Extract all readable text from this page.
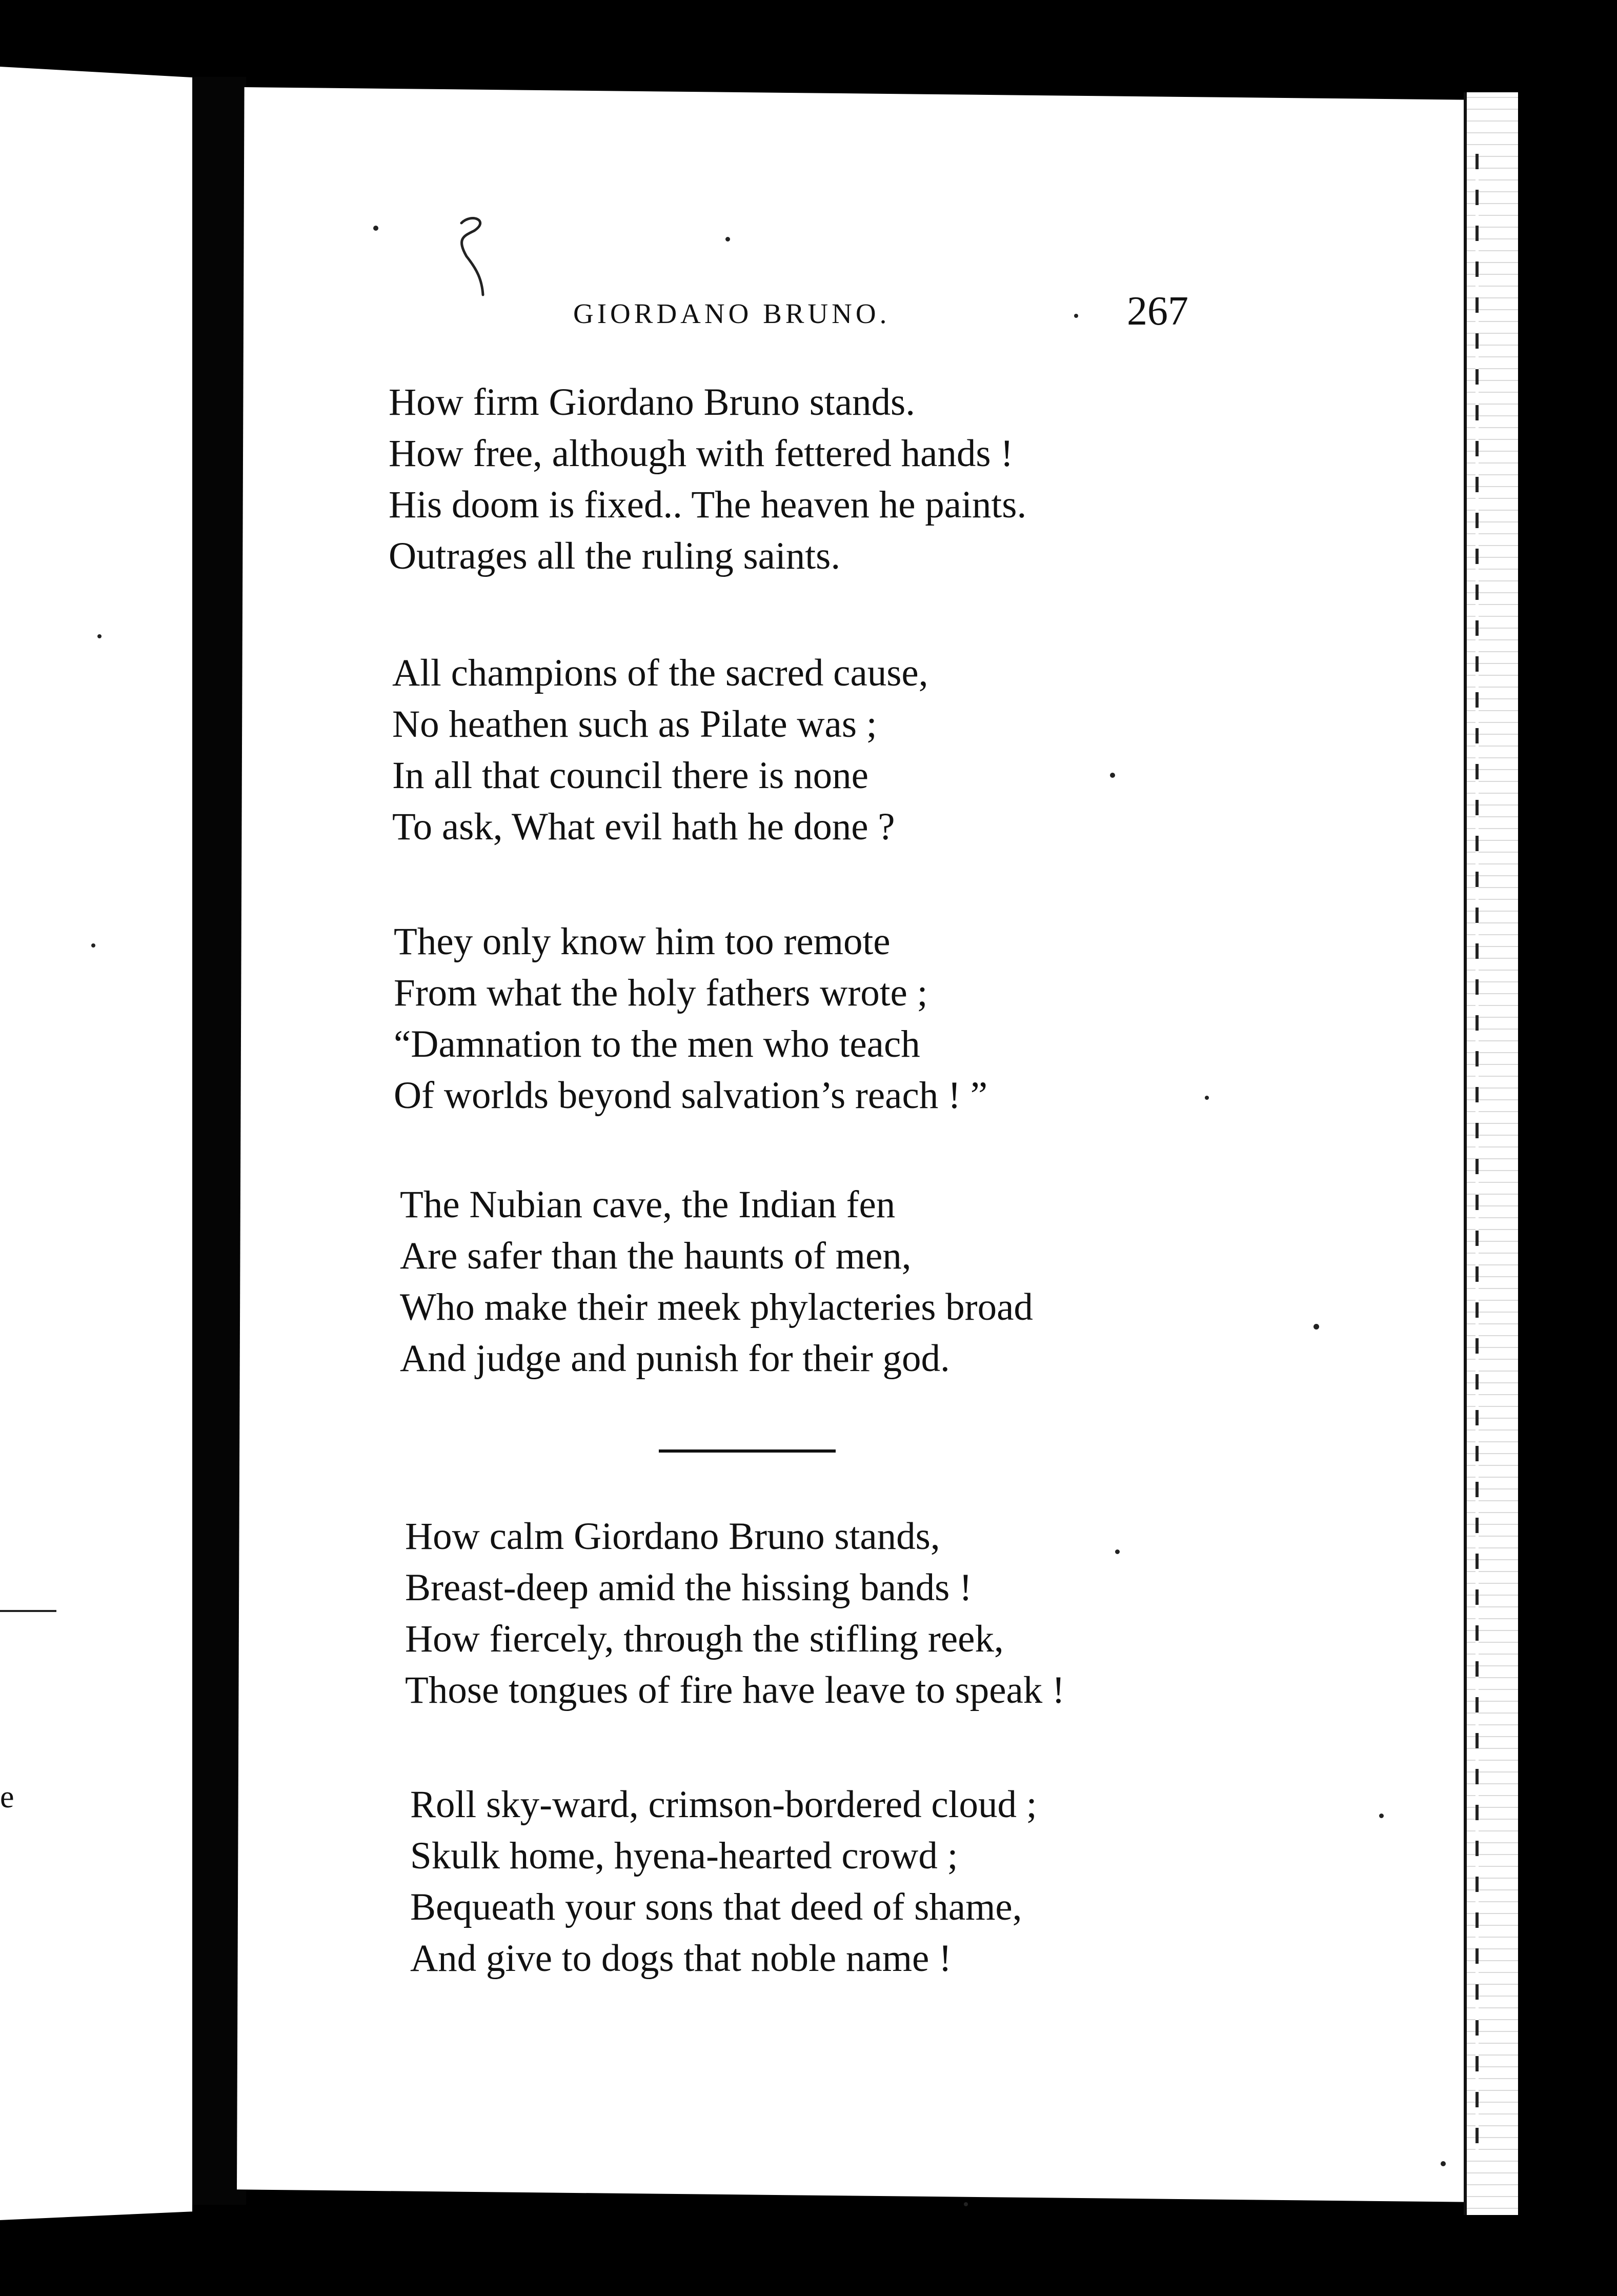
e
GIORDANO BRUNO.	267
How firm Giordano Bruno stands.
How free, although with fettered hands !
His doom is fixed.. The heaven he paints.
Outrages all the ruling saints.
All champions of the sacred cause,
No heathen such as Pilate was ;
In all that council there is none
To ask, What evil hath he done ?
They only know him too remote
From what the holy fathers wrote ;
“Damnation to the men who teach
Of worlds beyond salvation’s reach ! ”
The Nubian cave, the Indian fen
Are safer than the haunts of men,
Who make their meek phylacteries broad
And judge and punish for their god.
How calm Giordano Bruno stands,
Breast-deep amid the hissing bands !
How fiercely, through the stifling reek,
Those tongues of fire have leave to speak !
Roll sky-ward, crimson-bordered cloud ;
Skulk home, hyena-hearted crowd ;
Bequeath your sons that deed of shame,
And give to dogs that noble name !
